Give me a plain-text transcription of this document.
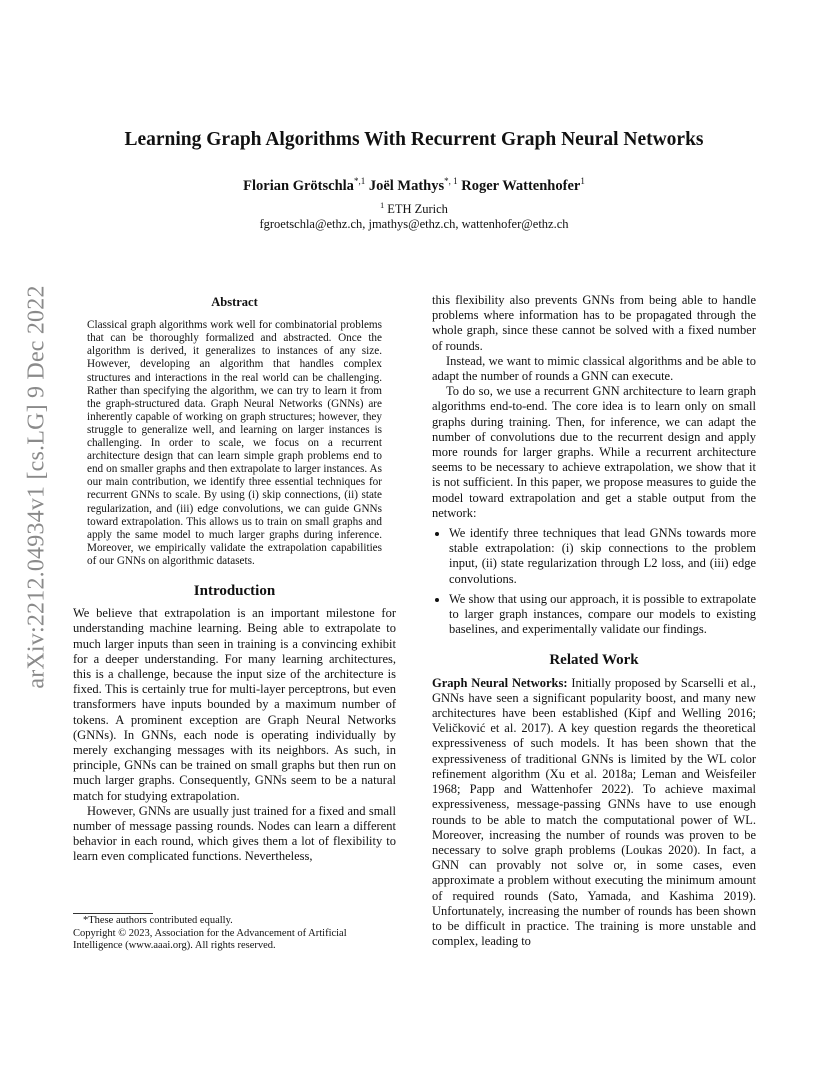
arXiv:2212.04934v1 [cs.LG] 9 Dec 2022
Learning Graph Algorithms With Recurrent Graph Neural Networks
Florian Grötschla$^{*,1}$ Joël Mathys$^{*, 1}$ Roger Wattenhofer$^1$
$^1$ ETH Zurich
fgroetschla@ethz.ch, jmathys@ethz.ch, wattenhofer@ethz.ch
Abstract
Classical graph algorithms work well for combinatorial problems that can be thoroughly formalized and abstracted. Once the algorithm is derived, it generalizes to instances of any size. However, developing an algorithm that handles complex structures and interactions in the real world can be challenging. Rather than specifying the algorithm, we can try to learn it from the graph-structured data. Graph Neural Networks (GNNs) are inherently capable of working on graph structures; however, they struggle to generalize well, and learning on larger instances is challenging. In order to scale, we focus on a recurrent architecture design that can learn simple graph problems end to end on smaller graphs and then extrapolate to larger instances. As our main contribution, we identify three essential techniques for recurrent GNNs to scale. By using (i) skip connections, (ii) state regularization, and (iii) edge convolutions, we can guide GNNs toward extrapolation. This allows us to train on small graphs and apply the same model to much larger graphs during inference. Moreover, we empirically validate the extrapolation capabilities of our GNNs on algorithmic datasets.
Introduction

We believe that extrapolation is an important milestone for understanding machine learning. Being able to extrapolate to much larger inputs than seen in training is a convincing exhibit for a deeper understanding. For many learning architectures, this is a challenge, because the input size of the architecture is fixed. This is certainly true for multi-layer perceptrons, but even transformers have inputs bounded by a maximum number of tokens. A prominent exception are Graph Neural Networks (GNNs). In GNNs, each node is operating individually by merely exchanging messages with its neighbors. As such, in principle, GNNs can be trained on small graphs but then run on much larger graphs. Consequently, GNNs seem to be a natural match for studying extrapolation.

However, GNNs are usually just trained for a fixed and small number of message passing rounds. Nodes can learn a different behavior in each round, which gives them a lot of flexibility to learn even complicated functions. Nevertheless,

this flexibility also prevents GNNs from being able to handle problems where information has to be propagated through the whole graph, since these cannot be solved with a fixed number of rounds.

Instead, we want to mimic classical algorithms and be able to adapt the number of rounds a GNN can execute.

To do so, we use a recurrent GNN architecture to learn graph algorithms end-to-end. The core idea is to learn only on small graphs during training. Then, for inference, we can adapt the number of convolutions due to the recurrent design and apply more rounds for larger graphs. While a recurrent architecture seems to be necessary to achieve extrapolation, we show that it is not sufficient. In this paper, we propose measures to guide the model toward extrapolation and get a stable output from the network:

• We identify three techniques that lead GNNs towards more stable extrapolation: (i) skip connections to the problem input, (ii) state regularization through L2 loss, and (iii) edge convolutions.
• We show that using our approach, it is possible to extrapolate to larger graph instances, compare our models to existing baselines, and experimentally validate our findings.
Related Work

Graph Neural Networks: Initially proposed by Scarselli et al., GNNs have seen a significant popularity boost, and many new architectures have been established (Kipf and Welling 2016; Veličković et al. 2017). A key question regards the theoretical expressiveness of such models. It has been shown that the expressiveness of traditional GNNs is limited by the WL color refinement algorithm (Xu et al. 2018a; Leman and Weisfeiler 1968; Papp and Wattenhofer 2022). To achieve maximal expressiveness, message-passing GNNs have to use enough rounds to be able to match the computational power of WL. Moreover, increasing the number of rounds was proven to be necessary to solve graph problems (Loukas 2020). In fact, a GNN can provably not solve or, in some cases, even approximate a problem without executing the minimum amount of required rounds (Sato, Yamada, and Kashima 2019). Unfortunately, increasing the number of rounds has been shown to be difficult in practice. The training is more unstable and complex, leading to

*These authors contributed equally.

Copyright © 2023, Association for the Advancement of Artificial Intelligence (www.aaai.org). All rights reserved.
